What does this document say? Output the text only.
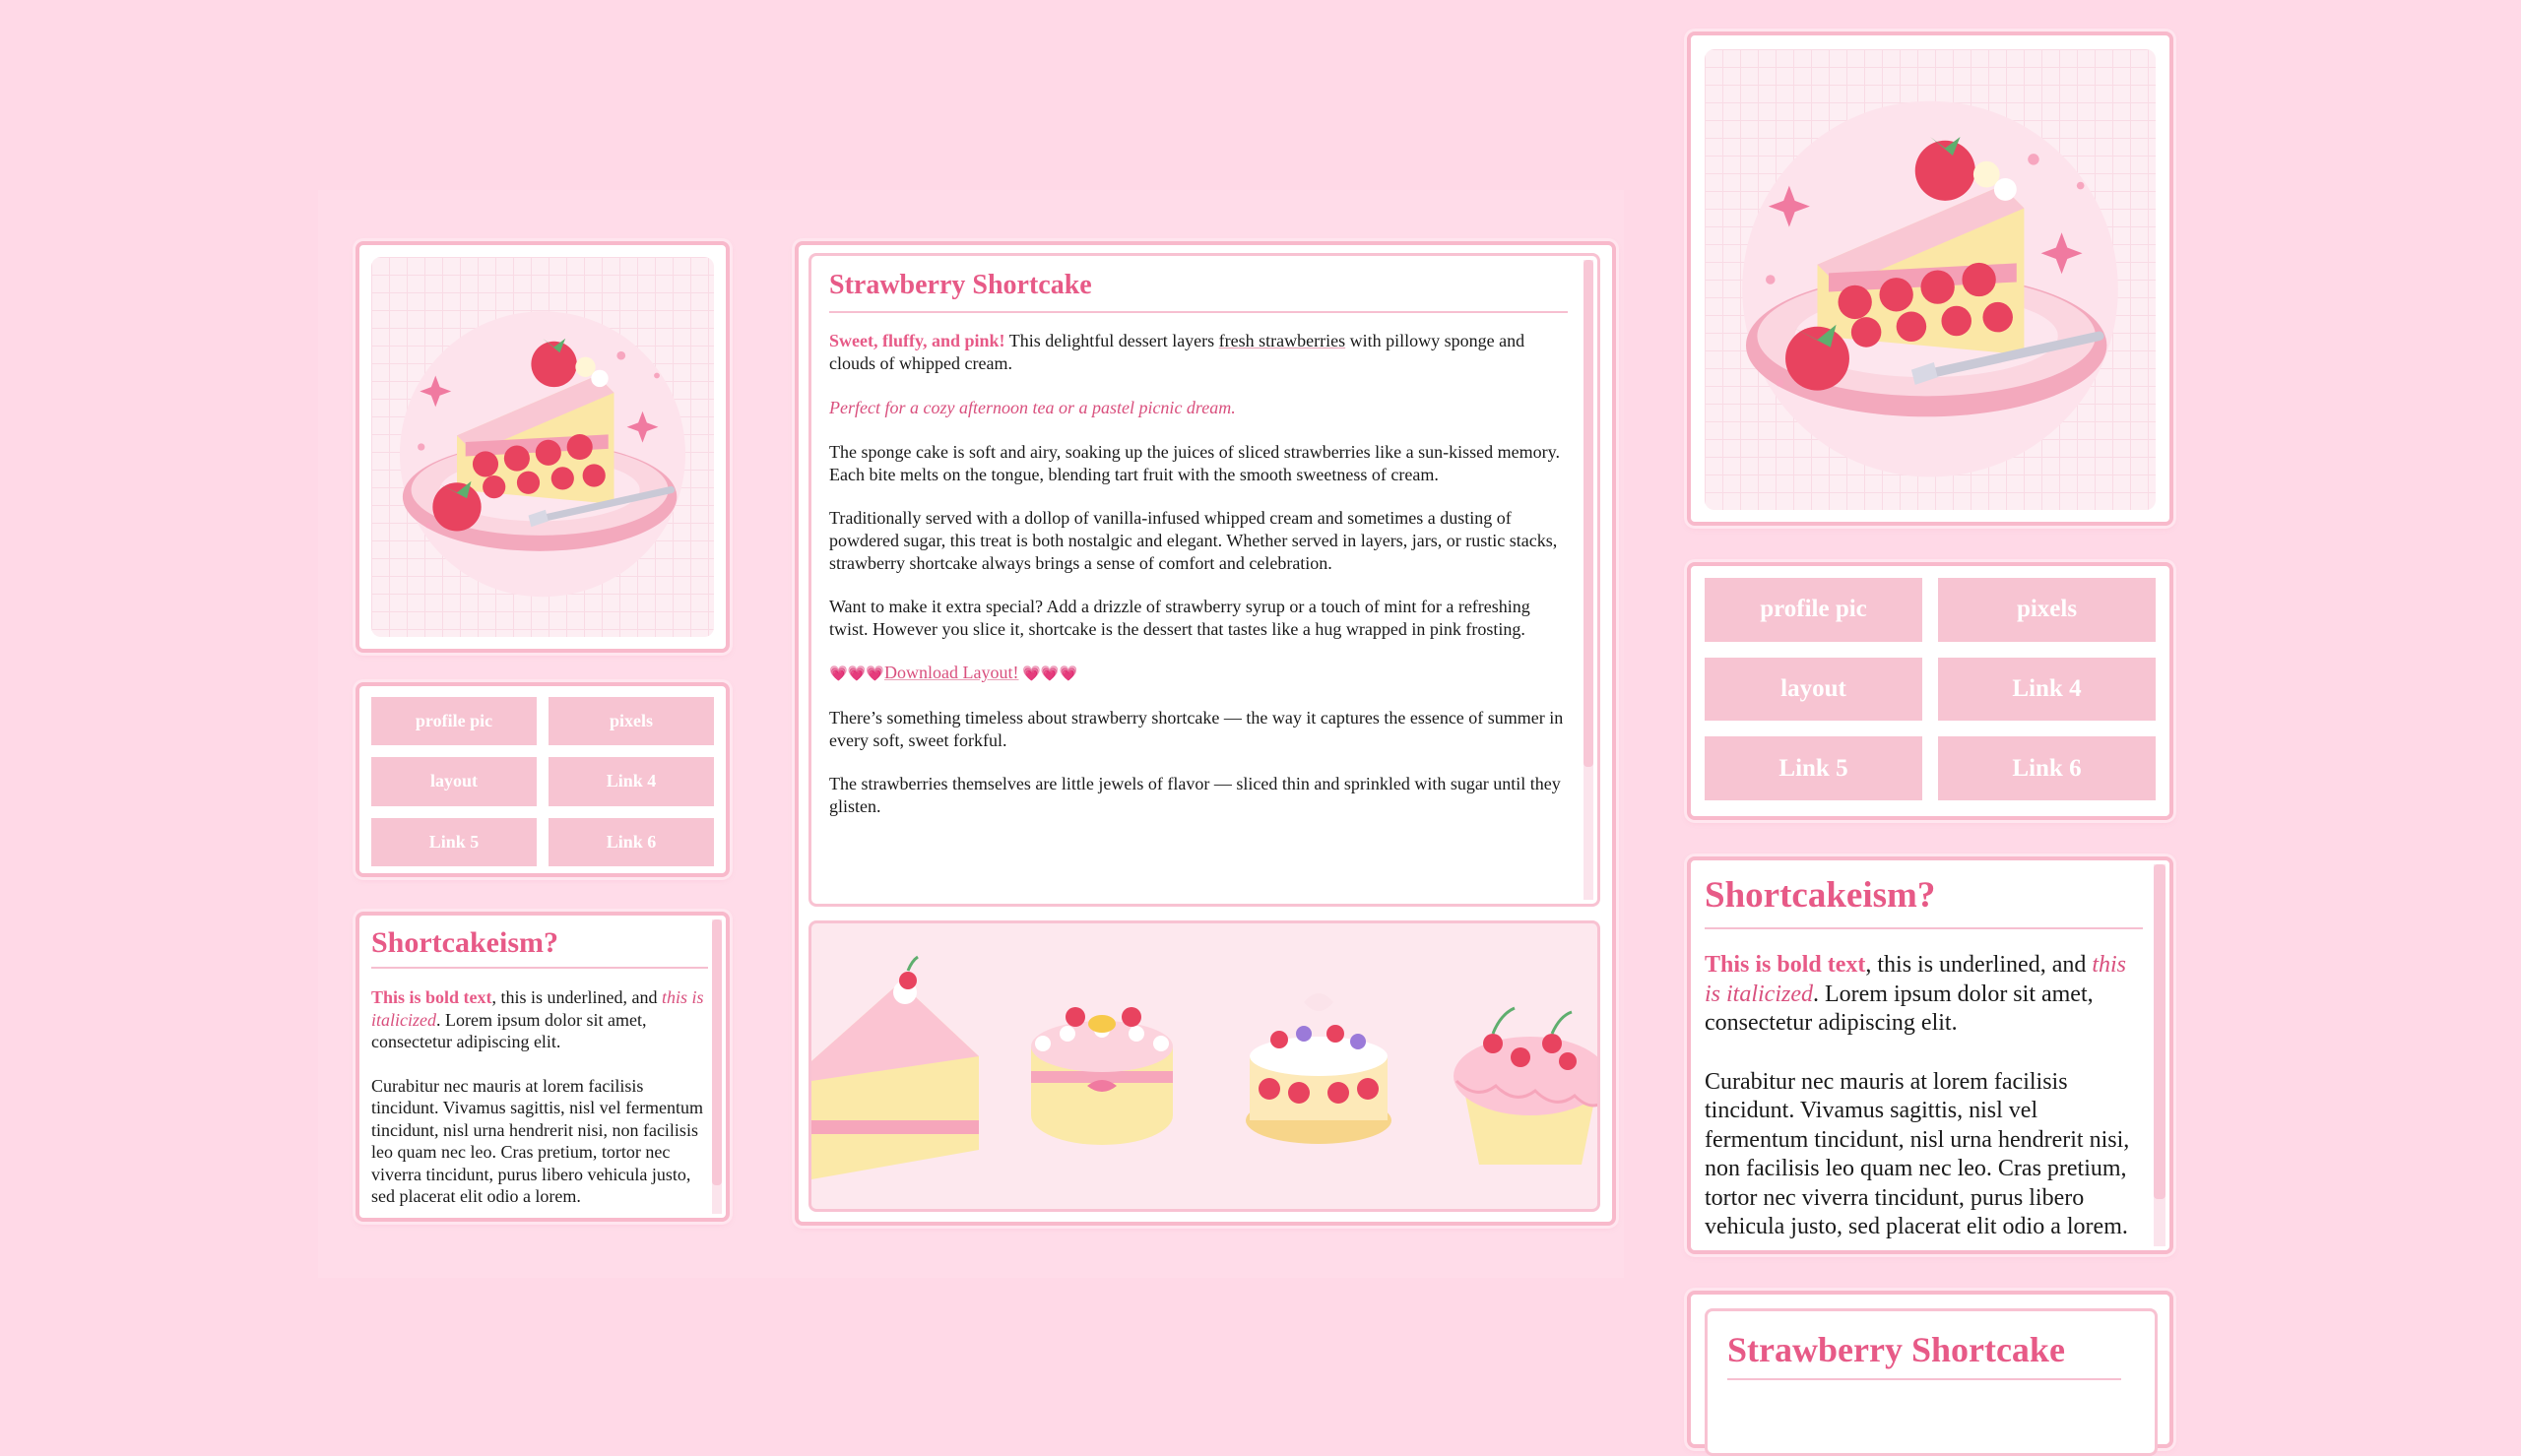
profile pic	pixels
layout	Link 4
Link 5	Link 6
Shortcakeism?

This is bold text, this is underlined, and this is italicized. Lorem ipsum dolor sit amet, consectetur adipiscing elit.

Curabitur nec mauris at lorem facilisis tincidunt. Vivamus sagittis, nisl vel fermentum tincidunt, nisl urna hendrerit nisi, non facilisis leo quam nec leo. Cras pretium, tortor nec viverra tincidunt, purus libero vehicula justo, sed placerat elit odio a lorem.

Strawberry Shortcake

Sweet, fluffy, and pink! This delightful dessert layers fresh strawberries with pillowy sponge and clouds of whipped cream.

Perfect for a cozy afternoon tea or a pastel picnic dream.

The sponge cake is soft and airy, soaking up the juices of sliced strawberries like a sun-kissed memory. Each bite melts on the tongue, blending tart fruit with the smooth sweetness of cream.

Traditionally served with a dollop of vanilla-infused whipped cream and sometimes a dusting of powdered sugar, this treat is both nostalgic and elegant. Whether served in layers, jars, or rustic stacks, strawberry shortcake always brings a sense of comfort and celebration.

Want to make it extra special? Add a drizzle of strawberry syrup or a touch of mint for a refreshing twist. However you slice it, shortcake is the dessert that tastes like a hug wrapped in pink frosting.

💗💗💗Download Layout! 💗💗💗

There’s something timeless about strawberry shortcake — the way it captures the essence of summer in every soft, sweet forkful.

The strawberries themselves are little jewels of flavor — sliced thin and sprinkled with sugar until they glisten.

profile pic	pixels
layout	Link 4
Link 5	Link 6
Shortcakeism?

This is bold text, this is underlined, and this is italicized. Lorem ipsum dolor sit amet, consectetur adipiscing elit.

Curabitur nec mauris at lorem facilisis tincidunt. Vivamus sagittis, nisl vel fermentum tincidunt, nisl urna hendrerit nisi, non facilisis leo quam nec leo. Cras pretium, tortor nec viverra tincidunt, purus libero vehicula justo, sed placerat elit odio a lorem.

Strawberry Shortcake
